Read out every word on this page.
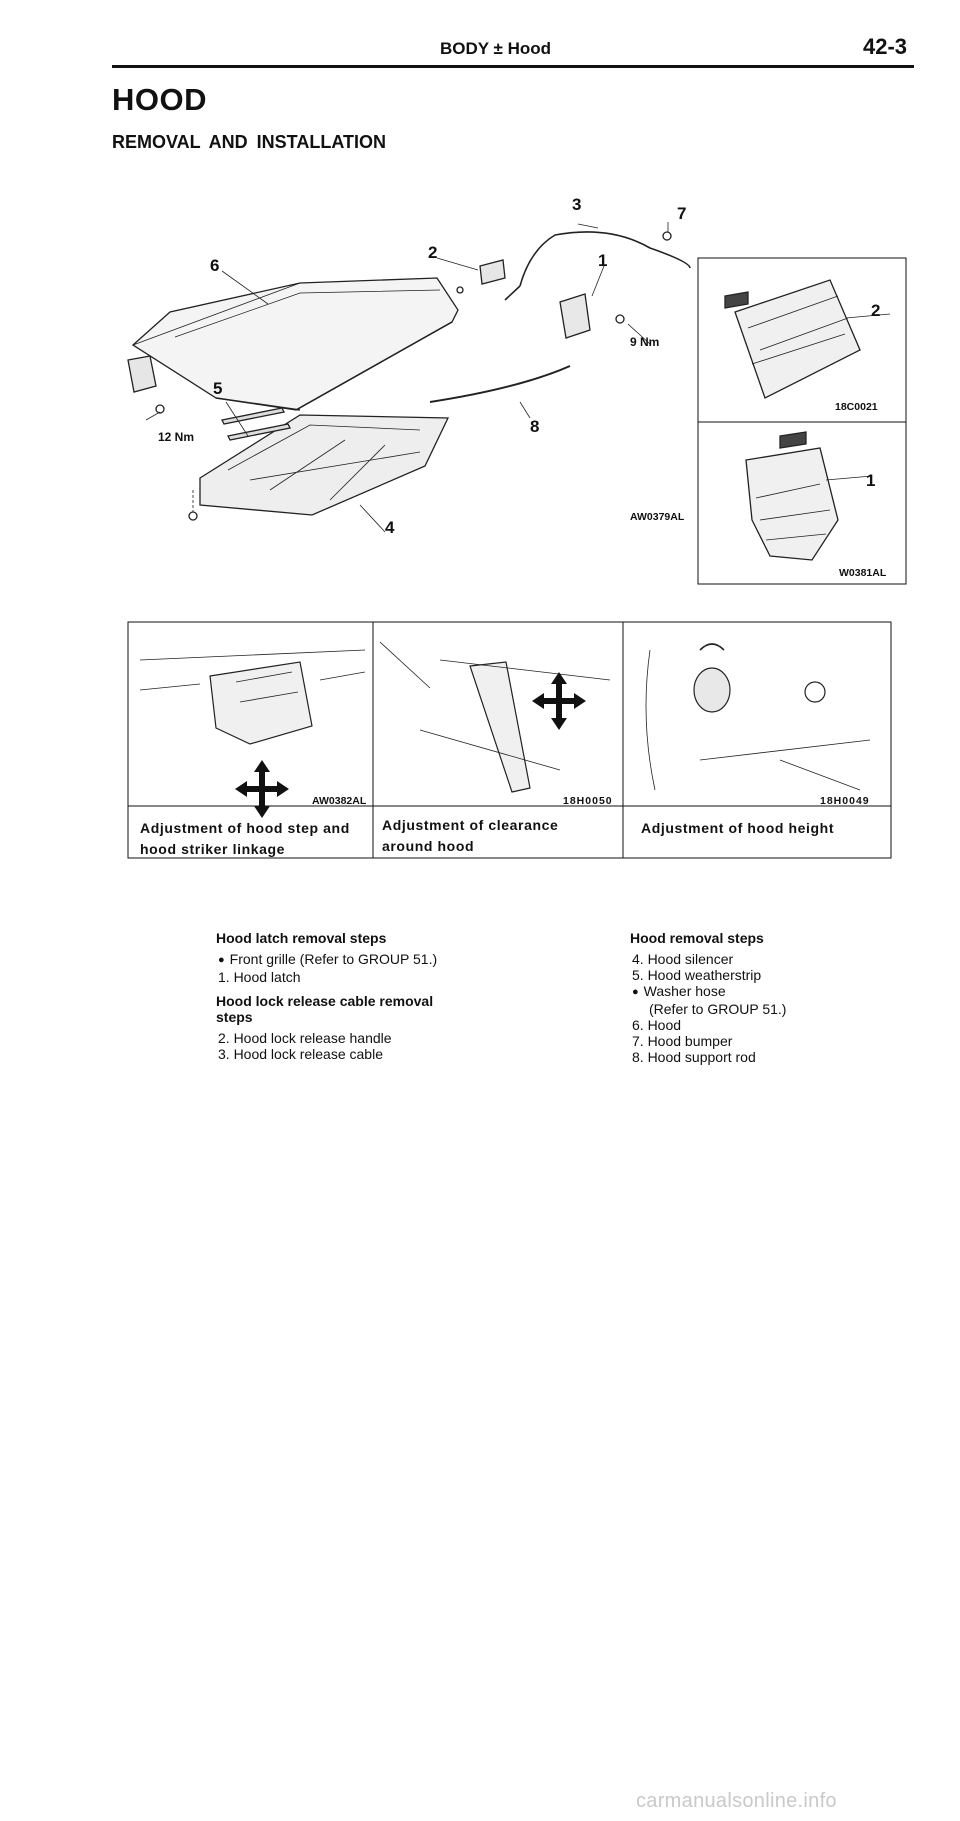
BODY ± Hood	42-3
HOOD
REMOVAL AND INSTALLATION
6
2
3	7
1
5
8
4
12 Nm
9 Nm
AW0379AL
2
18C0021
1
W0381AL
AW0382AL	18H0050	18H0049
Adjustment of hood step and
hood striker linkage
Adjustment of clearance
around hood
Adjustment of hood height
Hood latch removal steps
● Front grille (Refer to GROUP 51.)
1. Hood latch
Hood lock release cable removal
steps
2. Hood lock release handle
3. Hood lock release cable
Hood removal steps
4. Hood silencer
5. Hood weatherstrip
● Washer hose
(Refer to GROUP 51.)
6. Hood
7. Hood bumper
8. Hood support rod
carmanualsonline.info
